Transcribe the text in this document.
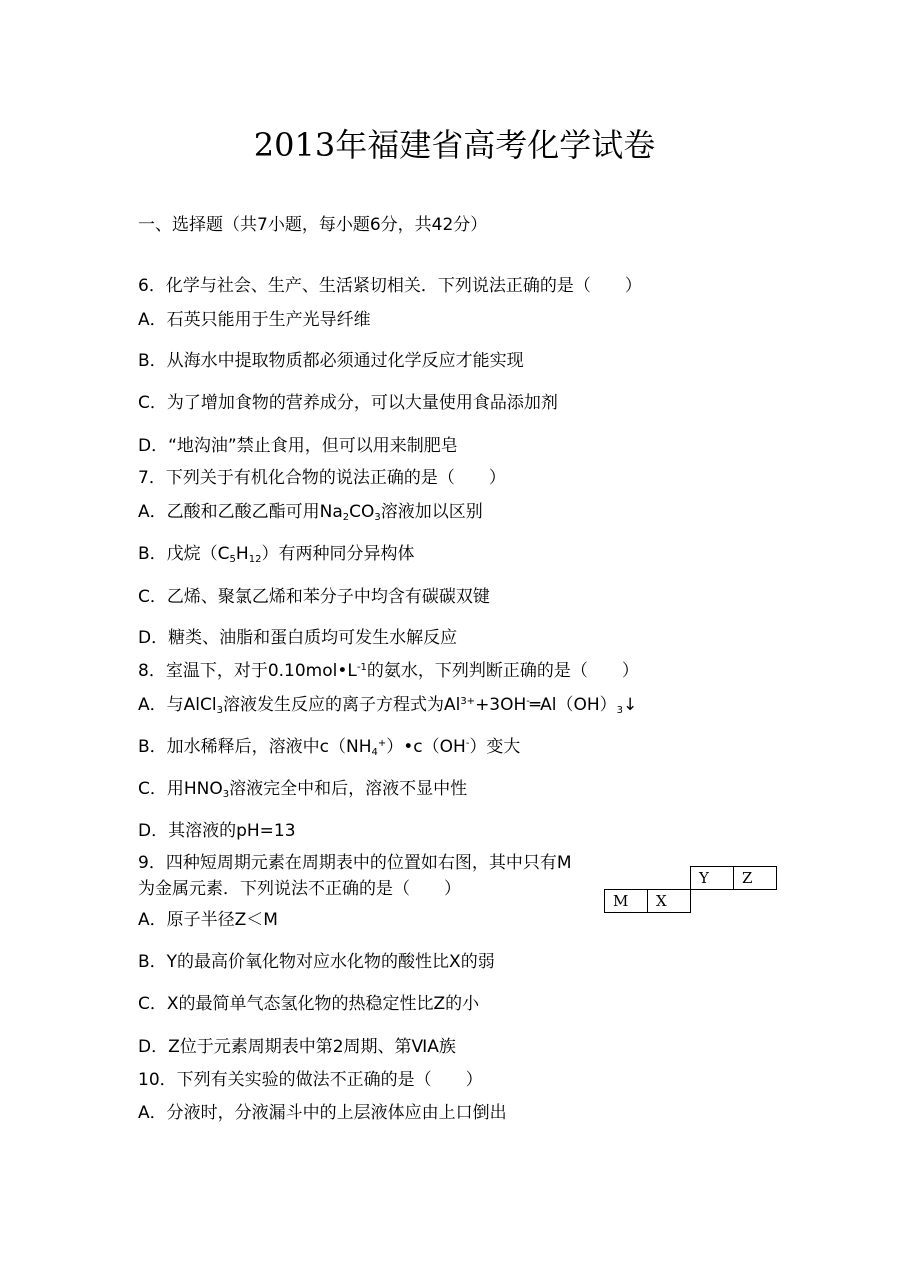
2013年福建省高考化学试卷
一、选择题（共7小题，每小题6分，共42分）
6．化学与社会、生产、生活紧切相关．下列说法正确的是（　　）
A．石英只能用于生产光导纤维
B．从海水中提取物质都必须通过化学反应才能实现
C．为了增加食物的营养成分，可以大量使用食品添加剂
D．“地沟油”禁止食用，但可以用来制肥皂
7．下列关于有机化合物的说法正确的是（　　）
A．乙酸和乙酸乙酯可用$Na_2CO_3$溶液加以区别
B．戊烷$(C_5H_{12})$有两种同分异构体
C．乙烯、聚氯乙烯和苯分子中均含有碳碳双键
D．糖类、油脂和蛋白质均可发生水解反应
8．室温下，对于$0.10mol•L^{-1}$的氨水，下列判断正确的是（　　）
A．与AlCl$_3$溶液发生反应的离子方程式为$Al^{3+}+3OH^-═Al(OH)_3↓$
B．加水稀释后，溶液中$c(NH_4^+)•c(OH^-)$变大
C．用$HNO_3$溶液完全中和后，溶液不显中性
D．其溶液的pH=13
9．四种短周期元素在周期表中的位置如右图，其中只有M为金属元素．下列说法不正确的是（　　）
		Y	Z
M	X		
A．原子半径Z＜M
B．Y的最高价氧化物对应水化物的酸性比X的弱
C．X的最简单气态氢化物的热稳定性比Z的小
D．Z位于元素周期表中第2周期、第ⅥA族
10．下列有关实验的做法不正确的是（　　）
A．分液时，分液漏斗中的上层液体应由上口倒出
